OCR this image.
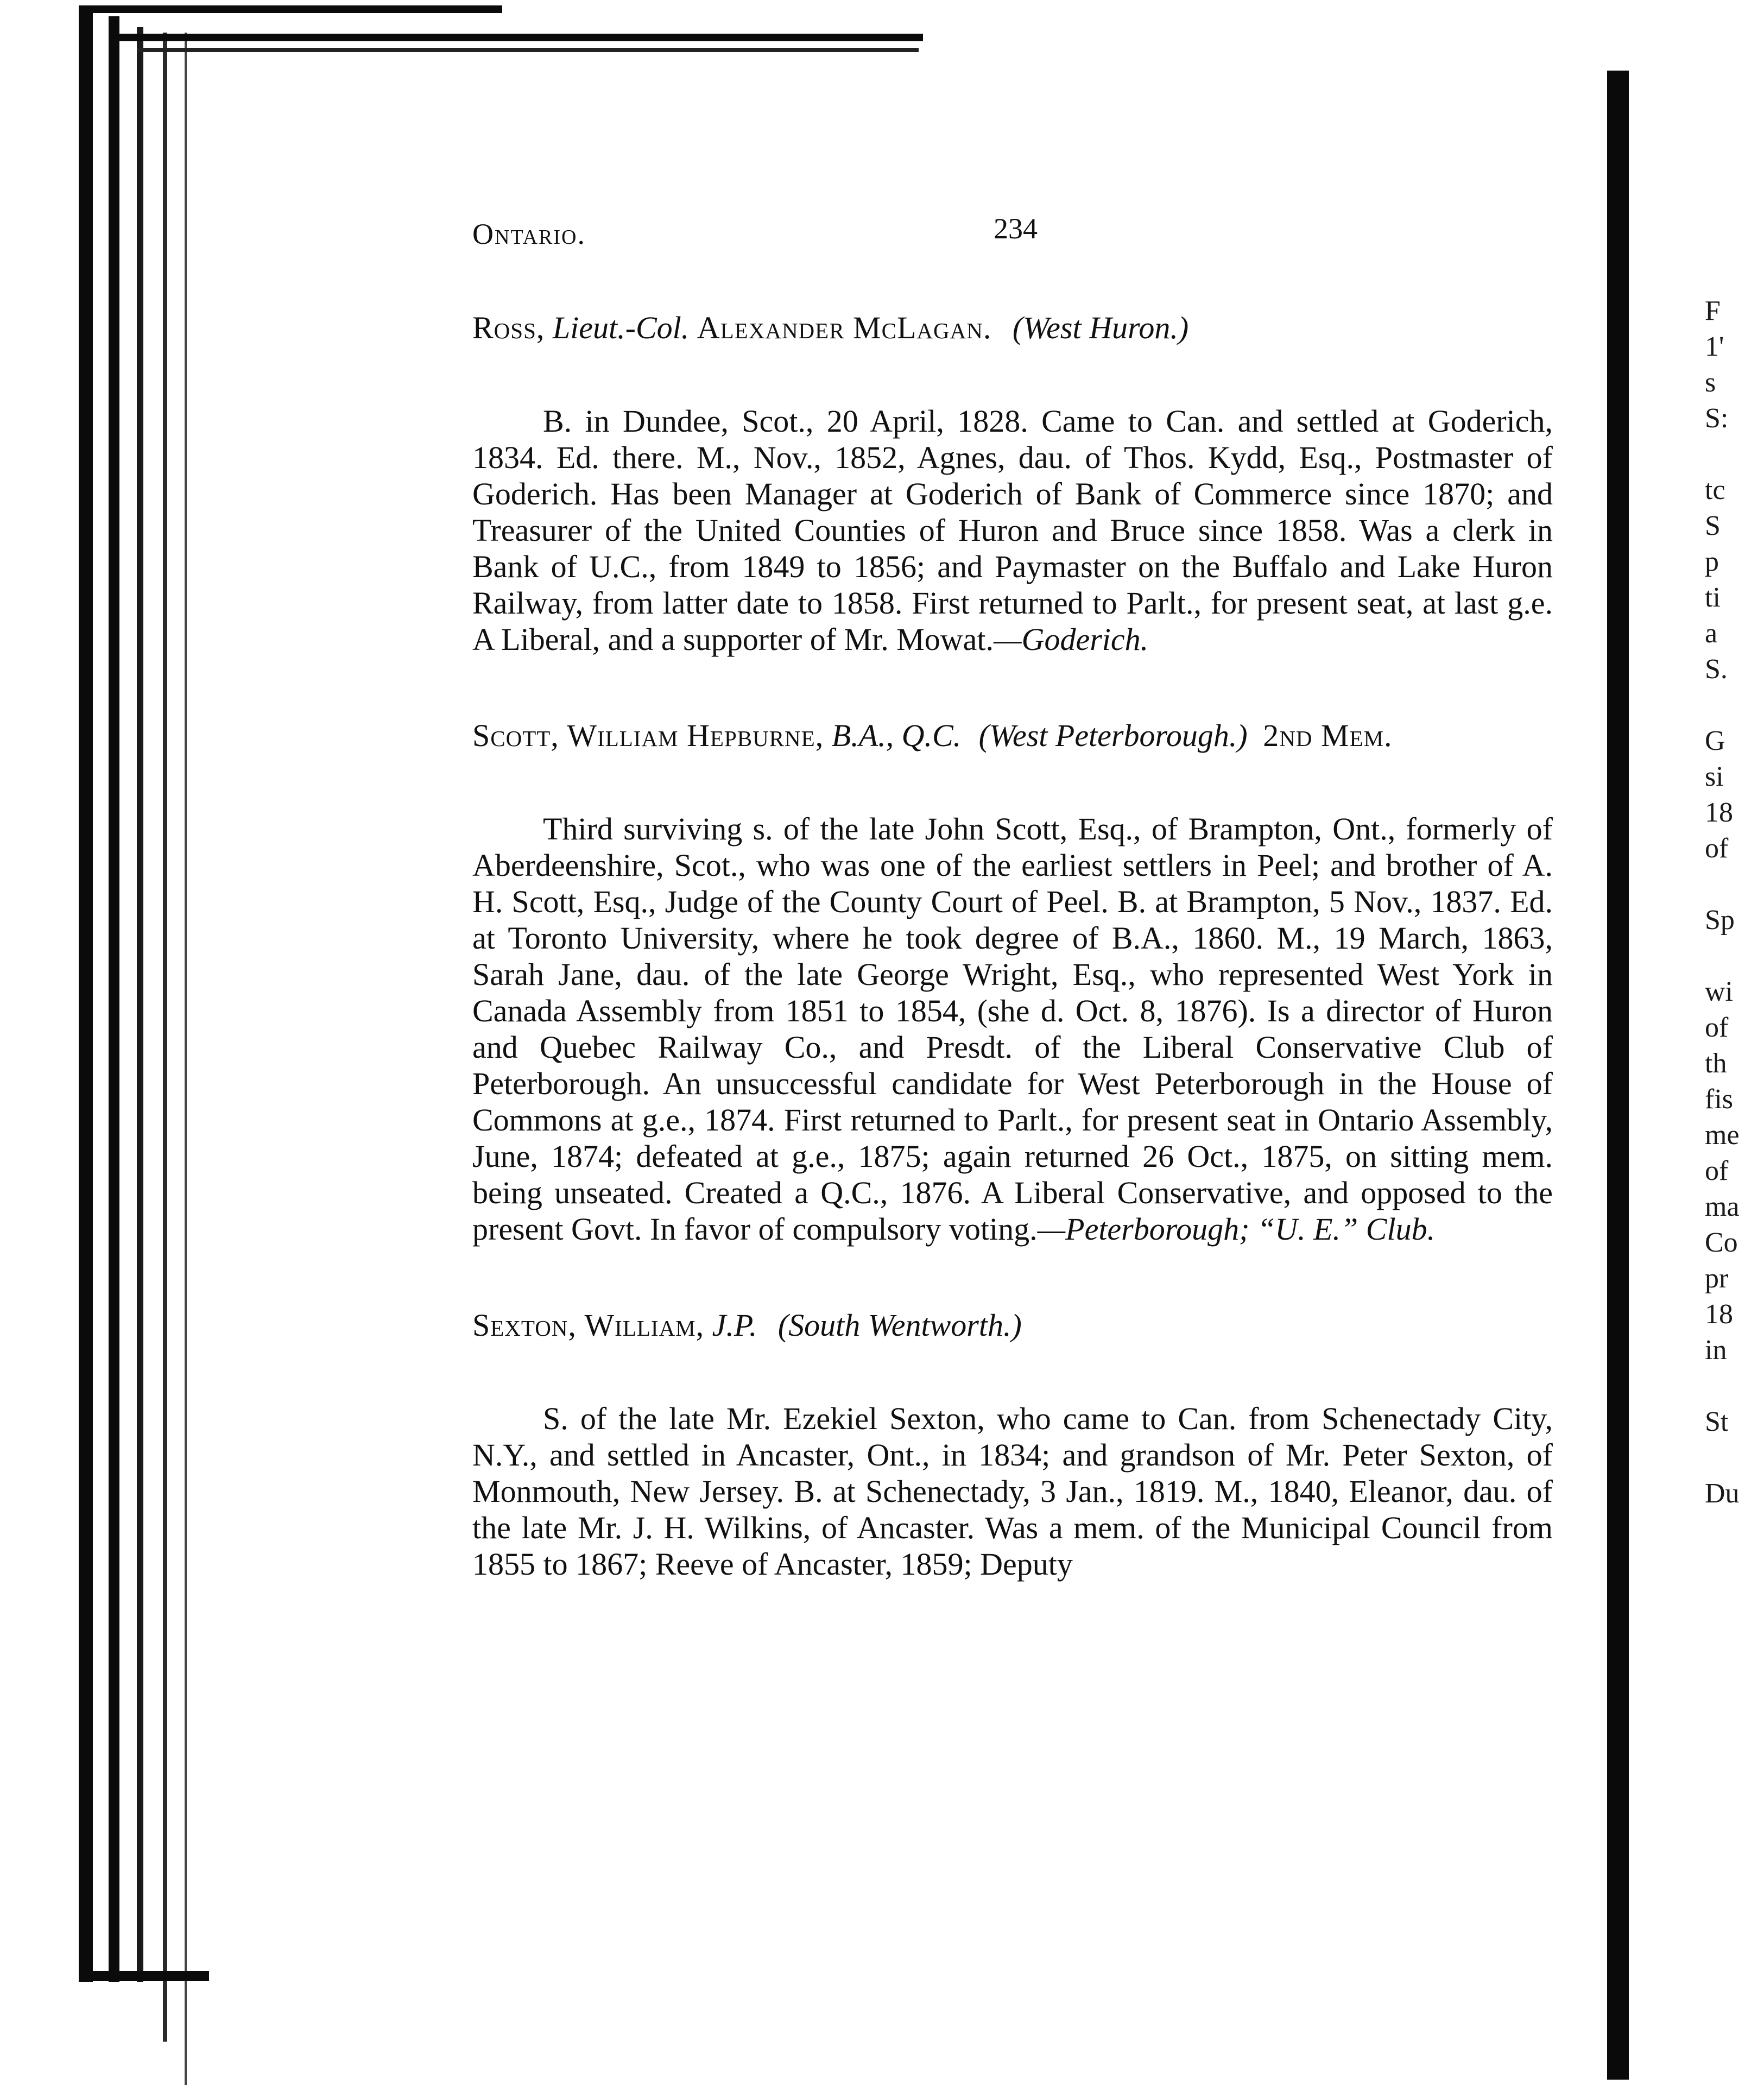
Ontario.	234
Ross, Lieut.-Col. Alexander McLagan. (West Huron.)
B. in Dundee, Scot., 20 April, 1828. Came to Can. and settled at Goderich, 1834. Ed. there. M., Nov., 1852, Agnes, dau. of Thos. Kydd, Esq., Postmaster of Goderich. Has been Manager at Goderich of Bank of Commerce since 1870; and Treasurer of the United Counties of Huron and Bruce since 1858. Was a clerk in Bank of U.C., from 1849 to 1856; and Paymaster on the Buffalo and Lake Huron Railway, from latter date to 1858. First returned to Parlt., for present seat, at last g.e. A Liberal, and a supporter of Mr. Mowat.—Goderich.
Scott, William Hepburne, B.A., Q.C. (West Peterborough.) 2nd Mem.
Third surviving s. of the late John Scott, Esq., of Brampton, Ont., formerly of Aberdeenshire, Scot., who was one of the earliest settlers in Peel; and brother of A. H. Scott, Esq., Judge of the County Court of Peel. B. at Brampton, 5 Nov., 1837. Ed. at Toronto University, where he took degree of B.A., 1860. M., 19 March, 1863, Sarah Jane, dau. of the late George Wright, Esq., who represented West York in Canada Assembly from 1851 to 1854, (she d. Oct. 8, 1876). Is a director of Huron and Quebec Railway Co., and Presdt. of the Liberal Conservative Club of Peterborough. An unsuccessful candidate for West Peterborough in the House of Commons at g.e., 1874. First returned to Parlt., for present seat in Ontario Assembly, June, 1874; defeated at g.e., 1875; again returned 26 Oct., 1875, on sitting mem. being unseated. Created a Q.C., 1876. A Liberal Conservative, and opposed to the present Govt. In favor of compulsory voting.—Peterborough; “U. E.” Club.
Sexton, William, J.P. (South Wentworth.)
S. of the late Mr. Ezekiel Sexton, who came to Can. from Schenectady City, N.Y., and settled in Ancaster, Ont., in 1834; and grandson of Mr. Peter Sexton, of Monmouth, New Jersey. B. at Schenectady, 3 Jan., 1819. M., 1840, Eleanor, dau. of the late Mr. J. H. Wilkins, of Ancaster. Was a mem. of the Municipal Council from 1855 to 1867; Reeve of Ancaster, 1859; Deputy
F
1'
s
S:
tc
S
p
ti
a
S.
G
si
18
of
Sp
wi
of
th
fis
me
of
ma
Co
pr
18
in
St
Du
